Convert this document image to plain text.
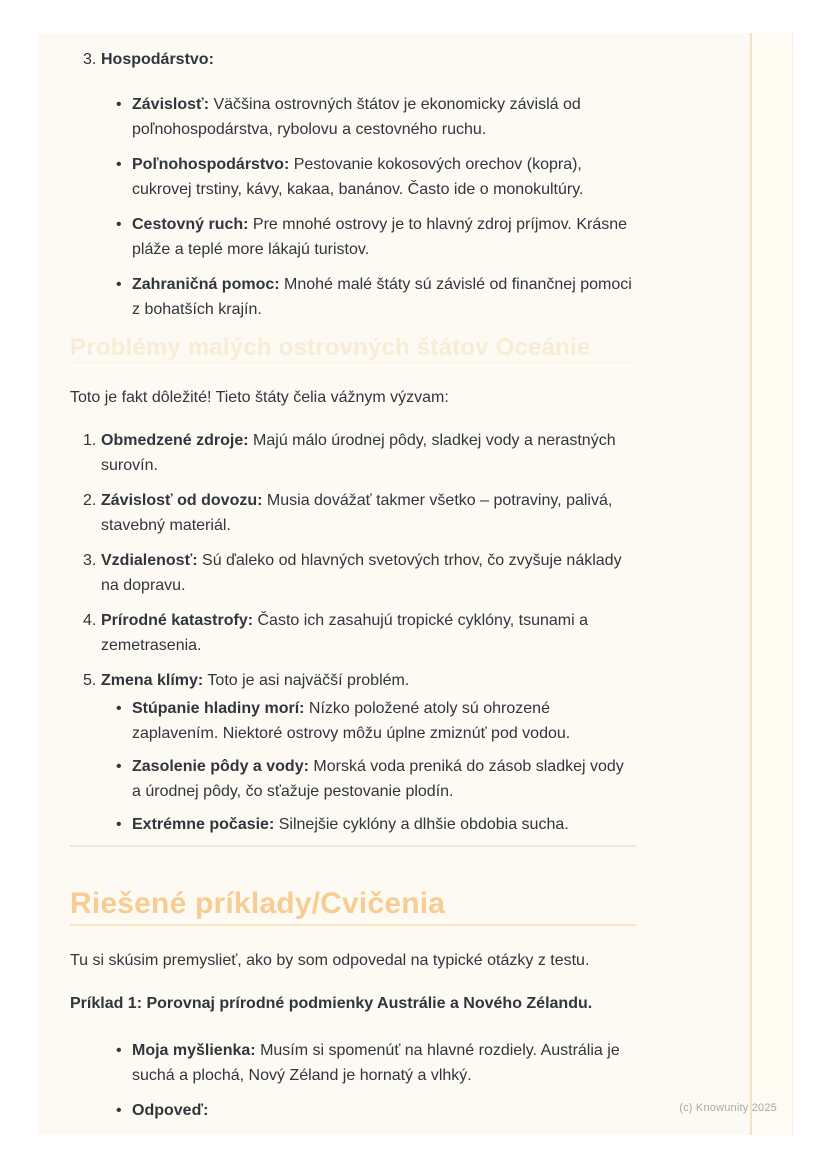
3. Hospodárstvo:

• Závislosť: Väčšina ostrovných štátov je ekonomicky závislá od poľnohospodárstva, rybolovu a cestovného ruchu.

• Poľnohospodárstvo: Pestovanie kokosových orechov (kopra), cukrovej trstiny, kávy, kakaa, banánov. Často ide o monokultúry.

• Cestovný ruch: Pre mnohé ostrovy je to hlavný zdroj príjmov. Krásne pláže a teplé more lákajú turistov.

• Zahraničná pomoc: Mnohé malé štáty sú závislé od finančnej pomoci z bohatších krajín.

Problémy malých ostrovných štátov Oceánie

Toto je fakt dôležité! Tieto štáty čelia vážnym výzvam:

1. Obmedzené zdroje: Majú málo úrodnej pôdy, sladkej vody a nerastných surovín.

2. Závislosť od dovozu: Musia dovážať takmer všetko – potraviny, palivá, stavebný materiál.

3. Vzdialenosť: Sú ďaleko od hlavných svetových trhov, čo zvyšuje náklady na dopravu.

4. Prírodné katastrofy: Často ich zasahujú tropické cyklóny, tsunami a zemetrasenia.

5. Zmena klímy: Toto je asi najväčší problém.

• Stúpanie hladiny morí: Nízko položené atoly sú ohrozené zaplavením. Niektoré ostrovy môžu úplne zmiznúť pod vodou.

• Zasolenie pôdy a vody: Morská voda preniká do zásob sladkej vody a úrodnej pôdy, čo sťažuje pestovanie plodín.

• Extrémne počasie: Silnejšie cyklóny a dlhšie obdobia sucha.

Riešené príklady/Cvičenia

Tu si skúsim premyslieť, ako by som odpovedal na typické otázky z testu.

Príklad 1: Porovnaj prírodné podmienky Austrálie a Nového Zélandu.

• Moja myšlienka: Musím si spomenúť na hlavné rozdiely. Austrália je suchá a plochá, Nový Zéland je hornatý a vlhký.

• Odpoveď:	(c) Knowunity 2025
